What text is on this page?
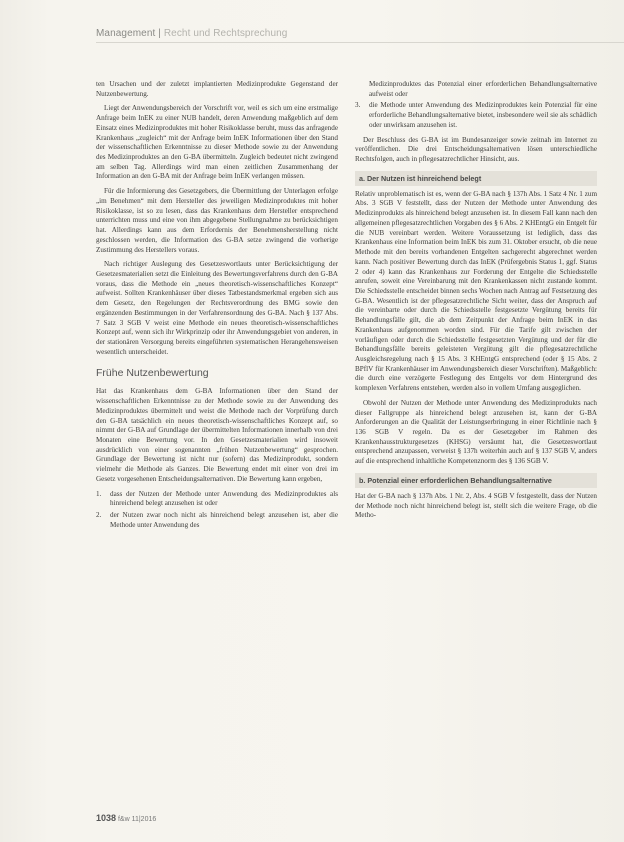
Management | Recht und Rechtsprechung

ten Ursachen und der zuletzt implantierten Medizinprodukte Gegenstand der Nutzenbewertung.

Liegt der Anwendungsbereich der Vorschrift vor, weil es sich um eine erstmalige Anfrage beim InEK zu einer NUB handelt, deren Anwendung maßgeblich auf dem Einsatz eines Medizinproduktes mit hoher Risikoklasse beruht, muss das anfragende Krankenhaus „zugleich“ mit der Anfrage beim InEK Informationen über den Stand der wissenschaftlichen Erkenntnisse zu dieser Methode sowie zu der Anwendung des Medizinproduktes an den G-BA übermitteln. Zugleich bedeutet nicht zwingend am selben Tag. Allerdings wird man einen zeitlichen Zusammenhang der Information an den G-BA mit der Anfrage beim InEK verlangen müssen.

Für die Informierung des Gesetzgebers, die Übermittlung der Unterlagen erfolge „im Benehmen“ mit dem Hersteller des jeweiligen Medizinproduktes mit hoher Risikoklasse, ist so zu lesen, dass das Krankenhaus dem Hersteller entsprechend unterrichten muss und eine von ihm abgegebene Stellungnahme zu berücksichtigen hat. Allerdings kann aus dem Erfordernis der Benehmensherstellung nicht geschlossen werden, die Information des G-BA setze zwingend die vorherige Zustimmung des Herstellers voraus.

Nach richtiger Auslegung des Gesetzeswortlauts unter Berücksichtigung der Gesetzesmaterialien setzt die Einleitung des Bewertungsverfahrens durch den G-BA voraus, dass die Methode ein „neues theoretisch-wissenschaftliches Konzept“ aufweist. Sollten Krankenhäuser über dieses Tatbestandsmerkmal ergeben sich aus dem Gesetz, den Regelungen der Rechtsverordnung des BMG sowie den ergänzenden Bestimmungen in der Verfahrensordnung des G-BA. Nach § 137 Abs. 7 Satz 3 SGB V weist eine Methode ein neues theoretisch-wissenschaftliches Konzept auf, wenn sich ihr Wirkprinzip oder ihr Anwendungsgebiet von anderen, in der stationären Versorgung bereits eingeführten systematischen Herangehensweisen wesentlich unterscheidet.

Frühe Nutzenbewertung

Hat das Krankenhaus dem G-BA Informationen über den Stand der wissenschaftlichen Erkenntnisse zu der Methode sowie zu der Anwendung des Medizinproduktes übermittelt und weist die Methode nach der Vorprüfung durch den G-BA tatsächlich ein neues theoretisch-wissenschaftliches Konzept auf, so nimmt der G-BA auf Grundlage der übermittelten Informationen innerhalb von drei Monaten eine Bewertung vor. In den Gesetzesmaterialien wird insoweit ausdrücklich von einer sogenannten „frühen Nutzenbewertung“ gesprochen. Grundlage der Bewertung ist nicht nur (sofern) das Medizinprodukt, sondern vielmehr die Methode als Ganzes. Die Bewertung endet mit einer von drei im Gesetz vorgesehenen Entscheidungsalternativen. Die Bewertung kann ergeben,

1. dass der Nutzen der Methode unter Anwendung des Medizinproduktes als hinreichend belegt anzusehen ist oder
2. der Nutzen zwar noch nicht als hinreichend belegt anzusehen ist, aber die Methode unter Anwendung des
Medizinproduktes das Potenzial einer erforderlichen Behandlungsalternative aufweist oder
3. die Methode unter Anwendung des Medizinproduktes kein Potenzial für eine erforderliche Behandlungsalternative bietet, insbesondere weil sie als schädlich oder unwirksam anzusehen ist.

Der Beschluss des G-BA ist im Bundesanzeiger sowie zeitnah im Internet zu veröffentlichen. Die drei Entscheidungsalternativen lösen unterschiedliche Rechtsfolgen, auch in pflegesatzrechtlicher Hinsicht, aus.

a. Der Nutzen ist hinreichend belegt

Relativ unproblematisch ist es, wenn der G-BA nach § 137h Abs. 1 Satz 4 Nr. 1 zum Abs. 3 SGB V feststellt, dass der Nutzen der Methode unter Anwendung des Medizinprodukts als hinreichend belegt anzusehen ist. In diesem Fall kann nach den allgemeinen pflegesatzrechtlichen Vorgaben des § 6 Abs. 2 KHEntgG ein Entgelt für die NUB vereinbart werden. Weitere Voraussetzung ist lediglich, dass das Krankenhaus eine Information beim InEK bis zum 31. Oktober ersucht, ob die neue Methode mit den bereits vorhandenen Entgelten sachgerecht abgerechnet werden kann. Nach positiver Bewertung durch das InEK (Prüfergebnis Status 1, ggf. Status 2 oder 4) kann das Krankenhaus zur Forderung der Entgelte die Schiedsstelle anrufen, soweit eine Vereinbarung mit den Krankenkassen nicht zustande kommt. Die Schiedsstelle entscheidet binnen sechs Wochen nach Antrag auf Festsetzung des G-BA. Wesentlich ist der pflegesatzrechtliche Sicht weiter, dass der Anspruch auf die vereinbarte oder durch die Schiedsstelle festgesetzte Vergütung bereits für Behandlungsfälle gilt, die ab dem Zeitpunkt der Anfrage beim InEK in das Krankenhaus aufgenommen worden sind. Für die Tarife gilt zwischen der vorläufigen oder durch die Schiedsstelle festgesetzten Vergütung und der für die Behandlungsfälle bereits geleisteten Vergütung gilt die pflegesatzrechtliche Ausgleichsregelung nach § 15 Abs. 3 KHEntgG entsprechend (oder § 15 Abs. 2 BPflV für Krankenhäuser im Anwendungsbereich dieser Vorschriften). Maßgeblich: die durch eine verzögerte Festlegung des Entgelts vor dem Hintergrund des komplexen Verfahrens entstehen, werden also in vollem Umfang ausgeglichen.

Obwohl der Nutzen der Methode unter Anwendung des Medizinprodukts nach dieser Fallgruppe als hinreichend belegt anzusehen ist, kann der G-BA Anforderungen an die Qualität der Leistungserbringung in einer Richtlinie nach § 136 SGB V regeln. Da es der Gesetzgeber im Rahmen des Krankenhausstrukturgesetzes (KHSG) versäumt hat, die Gesetzeswortlaut entsprechend anzupassen, verweist § 137h weiterhin auch auf § 137 SGB V, anders auf die entsprechend inhaltliche Kompetenznorm des § 136 SGB V.

b. Potenzial einer erforderlichen Behandlungsalternative

Hat der G-BA nach § 137h Abs. 1 Nr. 2, Abs. 4 SGB V festgestellt, dass der Nutzen der Methode noch nicht hinreichend belegt ist, stellt sich die weitere Frage, ob die Metho-

1038 f&w 11|2016
